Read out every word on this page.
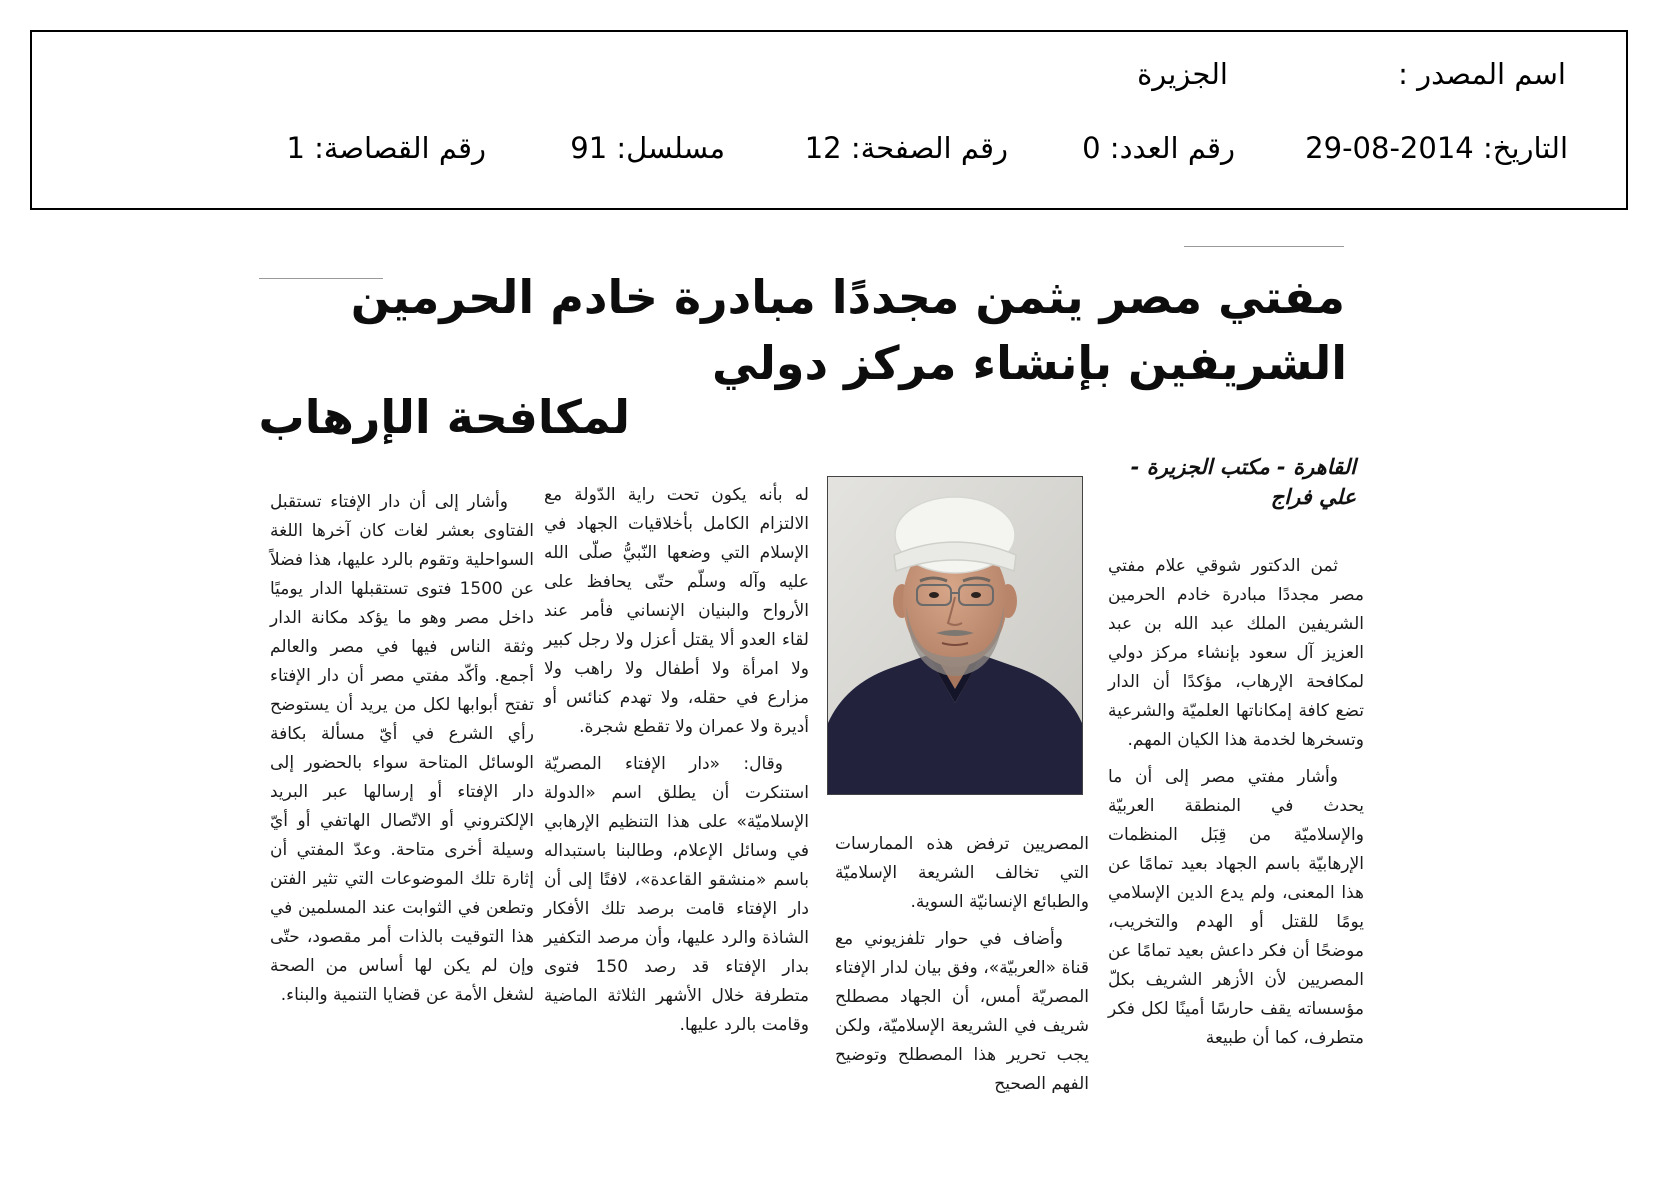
اسم المصدر :
الجزيرة
التاريخ: 2014-08-29
رقم العدد: 0
رقم الصفحة: 12
مسلسل: 91
رقم القصاصة: 1
مفتي مصر يثمن مجددًا مبادرة خادم الحرمين
الشريفين بإنشاء مركز دولي
لمكافحة الإرهاب
القاهرة - مكتب الجزيرة - علي فراج

ثمن الدكتور شوقي علام مفتي مصر مجددًا مبادرة خادم الحرمين الشريفين الملك عبد الله بن عبد العزيز آل سعود بإنشاء مركز دولي لمكافحة الإرهاب، مؤكدًا أن الدار تضع كافة إمكاناتها العلميّة والشرعية وتسخرها لخدمة هذا الكيان المهم.

وأشار مفتي مصر إلى أن ما يحدث في المنطقة العربيّة والإسلاميّة من قِبَل المنظمات الإرهابيّة باسم الجهاد بعيد تمامًا عن هذا المعنى، ولم يدع الدين الإسلامي يومًا للقتل أو الهدم والتخريب، موضحًا أن فكر داعش بعيد تمامًا عن المصريين لأن الأزهر الشريف بكلّ مؤسساته يقف حارسًا أمينًا لكل فكر متطرف، كما أن طبيعة

المصريين ترفض هذه الممارسات التي تخالف الشريعة الإسلاميّة والطبائع الإنسانيّة السوية.

وأضاف في حوار تلفزيوني مع قناة «العربيّة»، وفق بيان لدار الإفتاء المصريّة أمس، أن الجهاد مصطلح شريف في الشريعة الإسلاميّة، ولكن يجب تحرير هذا المصطلح وتوضيح الفهم الصحيح

له بأنه يكون تحت راية الدّولة مع الالتزام الكامل بأخلاقيات الجهاد في الإسلام التي وضعها النّبيُّ صلّى الله عليه وآله وسلّم حتّى يحافظ على الأرواح والبنيان الإنساني فأمر عند لقاء العدو ألا يقتل أعزل ولا رجل كبير ولا امرأة ولا أطفال ولا راهب ولا مزارع في حقله، ولا تهدم كنائس أو أديرة ولا عمران ولا تقطع شجرة.

وقال: «دار الإفتاء المصريّة استنكرت أن يطلق اسم «الدولة الإسلاميّة» على هذا التنظيم الإرهابي في وسائل الإعلام، وطالبنا باستبداله باسم «منشقو القاعدة»، لافتًا إلى أن دار الإفتاء قامت برصد تلك الأفكار الشاذة والرد عليها، وأن مرصد التكفير بدار الإفتاء قد رصد 150 فتوى متطرفة خلال الأشهر الثلاثة الماضية وقامت بالرد عليها.

وأشار إلى أن دار الإفتاء تستقبل الفتاوى بعشر لغات كان آخرها اللغة السواحلية وتقوم بالرد عليها، هذا فضلاً عن 1500 فتوى تستقبلها الدار يوميًا داخل مصر وهو ما يؤكد مكانة الدار وثقة الناس فيها في مصر والعالم أجمع. وأكّد مفتي مصر أن دار الإفتاء تفتح أبوابها لكل من يريد أن يستوضح رأي الشرع في أيّ مسألة بكافة الوسائل المتاحة سواء بالحضور إلى دار الإفتاء أو إرسالها عبر البريد الإلكتروني أو الاتّصال الهاتفي أو أيّ وسيلة أخرى متاحة. وعدّ المفتي أن إثارة تلك الموضوعات التي تثير الفتن وتطعن في الثوابت عند المسلمين في هذا التوقيت بالذات أمر مقصود، حتّى وإن لم يكن لها أساس من الصحة لشغل الأمة عن قضايا التنمية والبناء.
